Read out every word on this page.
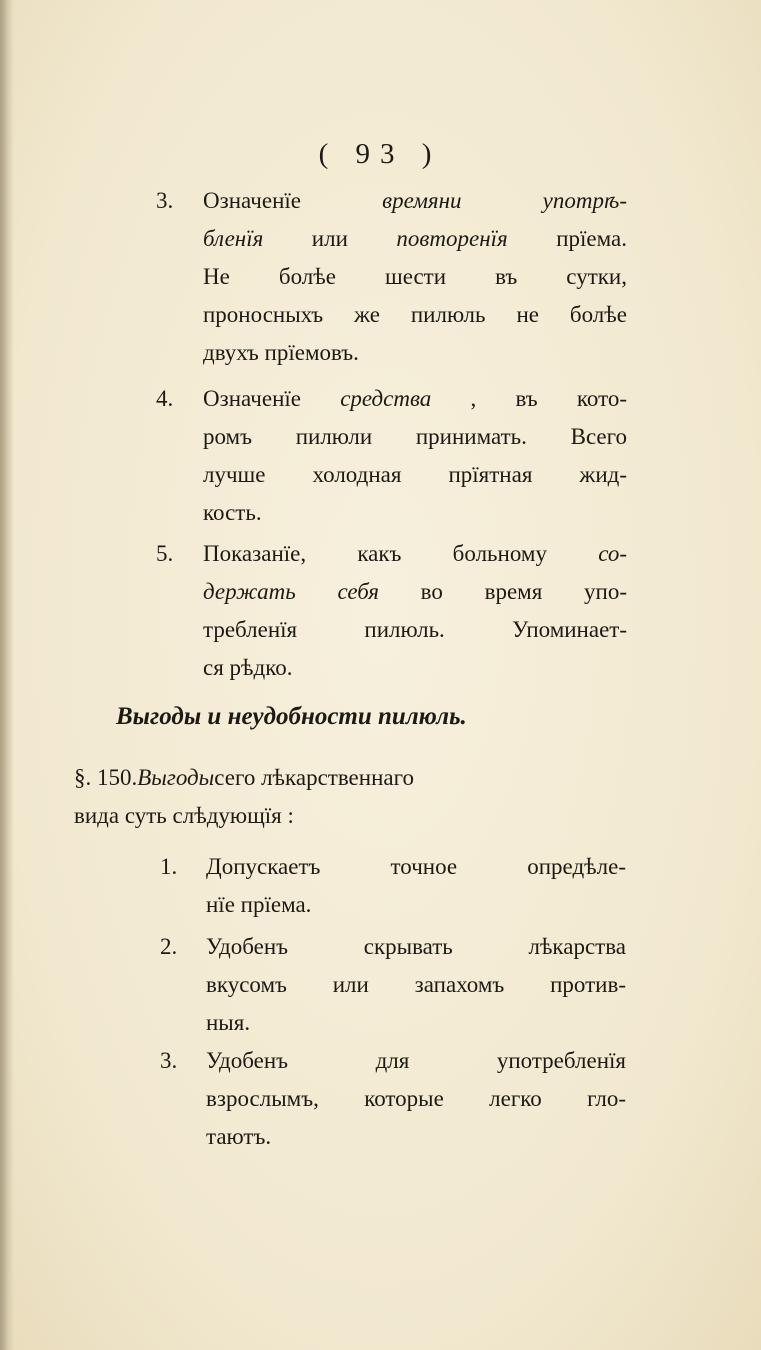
( 93 )
3.	Означенїе времяни употрѣ-
бленїя или повторенїя прїема.
Не болѣе шести въ сутки,
проносныхъ же пилюль не болѣе
двухъ прїемовъ.
4.	Означенїе средства , въ кото-
ромъ пилюли принимать. Всего
лучше холодная прїятная жид-
кость.
5.	Показанїе, какъ больному со-
держать себя во время упо-
требленїя пилюль. Упоминает-
ся рѣдко.
Выгоды и неудобности пилюль.
§. 150. Выгоды сего лѣкарственнаго
вида суть слѣдующїя :
1.	Допускаетъ точное опредѣле-
нїе прїема.
2.	Удобенъ скрывать лѣкарства
вкусомъ или запахомъ против-
ныя.
3.	Удобенъ для употребленїя
взрослымъ, которые легко гло-
таютъ.
